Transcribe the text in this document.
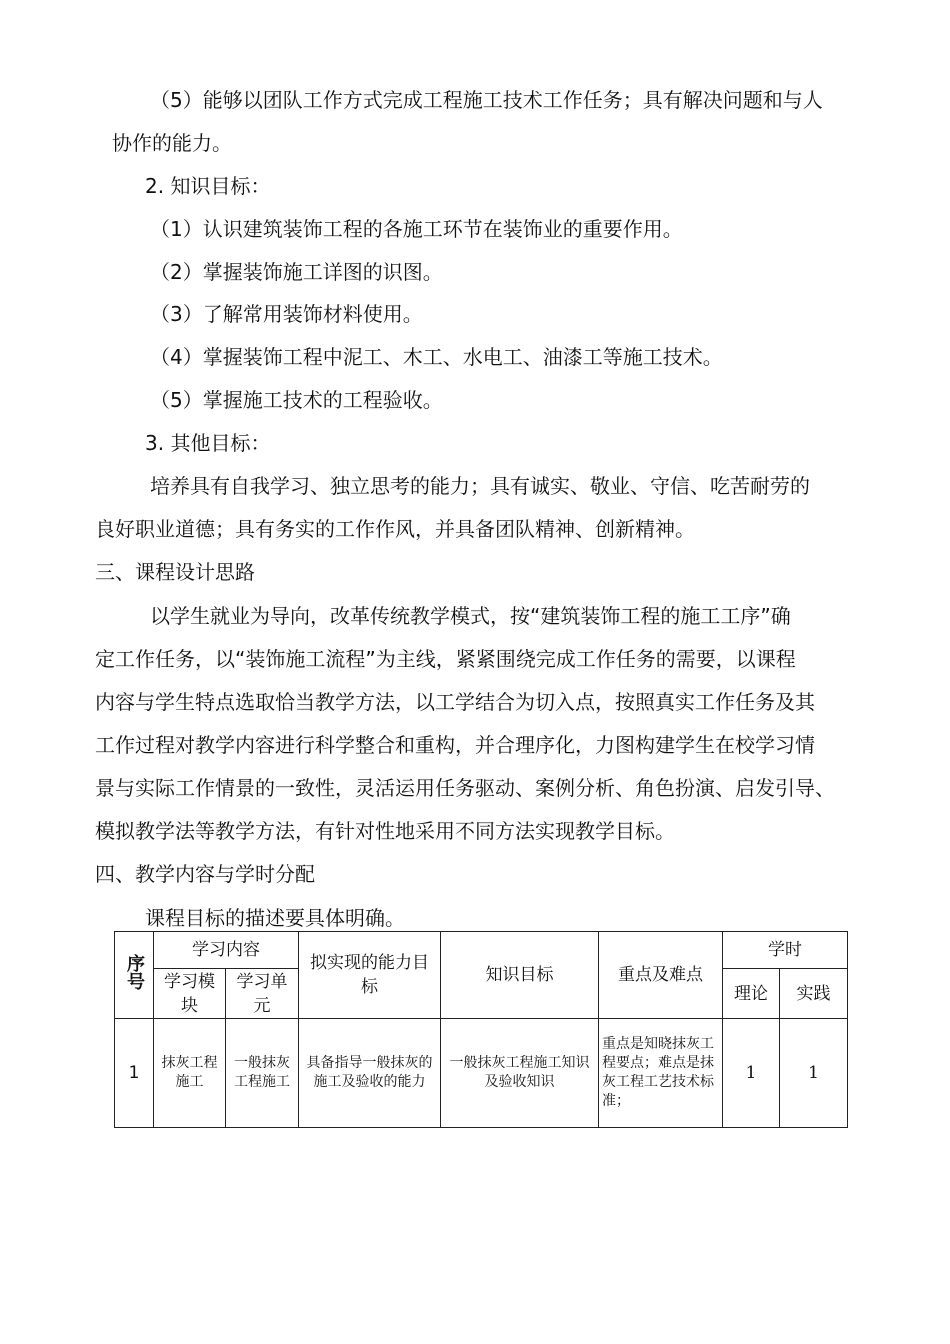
（5）能够以团队工作方式完成工程施工技术工作任务；具有解决问题和与人
协作的能力。
2. 知识目标：
（1）认识建筑装饰工程的各施工环节在装饰业的重要作用。
（2）掌握装饰施工详图的识图。
（3）了解常用装饰材料使用。
（4）掌握装饰工程中泥工、木工、水电工、油漆工等施工技术。
（5）掌握施工技术的工程验收。
3. 其他目标：
培养具有自我学习、独立思考的能力；具有诚实、敬业、守信、吃苦耐劳的
良好职业道德；具有务实的工作作风，并具备团队精神、创新精神。
三、课程设计思路
以学生就业为导向，改革传统教学模式，按“建筑装饰工程的施工工序”确
定工作任务，以“装饰施工流程”为主线，紧紧围绕完成工作任务的需要，以课程
内容与学生特点选取恰当教学方法，以工学结合为切入点，按照真实工作任务及其
工作过程对教学内容进行科学整合和重构，并合理序化，力图构建学生在校学习情
景与实际工作情景的一致性，灵活运用任务驱动、案例分析、角色扮演、启发引导、
模拟教学法等教学方法，有针对性地采用不同方法实现教学目标。
四、教学内容与学时分配
课程目标的描述要具体明确。
序号	学习内容		拟实现的能力目标	知识目标	重点及难点	学时	
	学习模块	学习单元				理论	实践
1	抹灰工程施工	一般抹灰工程施工	具备指导一般抹灰的施工及验收的能力	一般抹灰工程施工知识及验收知识	重点是知晓抹灰工程要点；难点是抹灰工程工艺技术标准；	1	1
